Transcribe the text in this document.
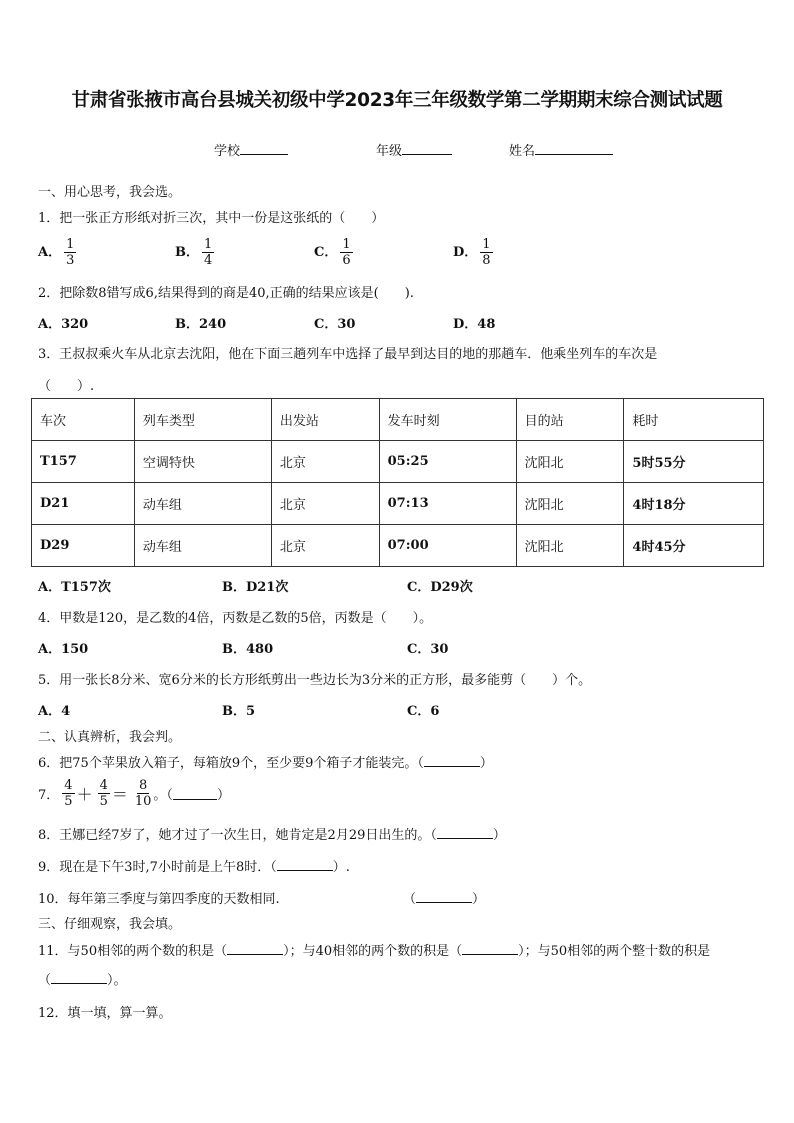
甘肃省张掖市高台县城关初级中学2023年三年级数学第二学期期末综合测试试题
学校	年级	姓名
一、用心思考，我会选。
1．把一张正方形纸对折三次，其中一份是这张纸的（　　）
A． $\frac{1}{3}$	B． $\frac{1}{4}$	C． $\frac{1}{6}$	D． $\frac{1}{8}$
2．把除数8错写成6,结果得到的商是40,正确的结果应该是(　　).
A．320	B．240	C．30	D．48
3．王叔叔乘火车从北京去沈阳，他在下面三趟列车中选择了最早到达目的地的那趟车．他乘坐列车的车次是
（　　）.
车次	列车类型	出发站	发车时刻	目的站	耗时
T157	空调特快	北京	05:25	沈阳北	5时55分
D21	动车组	北京	07:13	沈阳北	4时18分
D29	动车组	北京	07:00	沈阳北	4时45分
A．T157次	B．D21次	C．D29次
4．甲数是120，是乙数的4倍，丙数是乙数的5倍，丙数是（　　）。
A．150	B．480	C．30
5．用一张长8分米、宽6分米的长方形纸剪出一些边长为3分米的正方形，最多能剪（　　）个。
A．4	B．5	C．6
二、认真辨析，我会判。
6．把75个苹果放入箱子，每箱放9个，至少要9个箱子才能装完。（	）
7． $\frac{4}{5} + \frac{4}{5} = \frac{8}{10}$ 。（	）
8．王娜已经7岁了，她才过了一次生日，她肯定是2月29日出生的。（	）
9．现在是下午3时,7小时前是上午8时．（	）.
10．每年第三季度与第四季度的天数相同.	（	）
三、仔细观察，我会填。
11．与50相邻的两个数的积是（	）；与40相邻的两个数的积是（	）；与50相邻的两个整十数的积是
（	）。
12．填一填，算一算。
